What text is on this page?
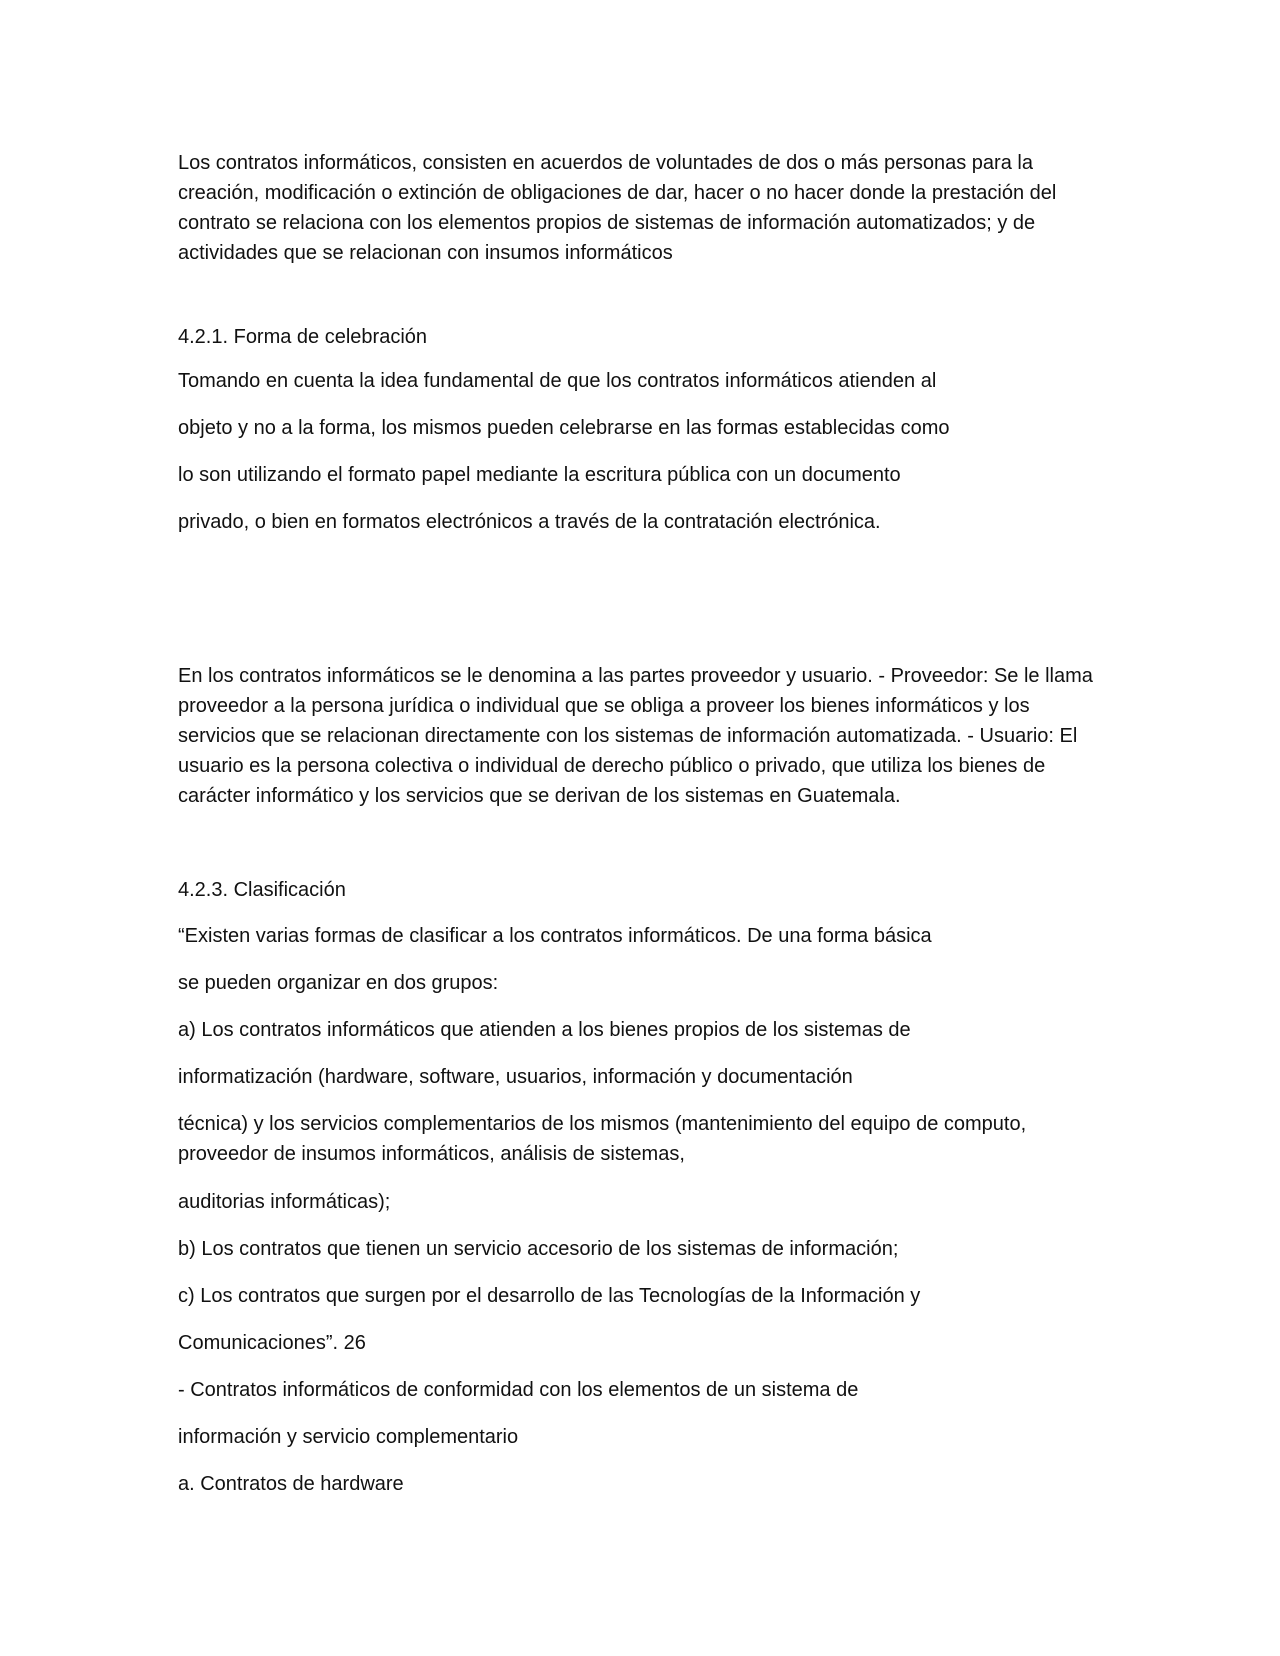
Los contratos informáticos, consisten en acuerdos de voluntades de dos o más personas para la creación, modificación o extinción de obligaciones de dar, hacer o no hacer donde la prestación del contrato se relaciona con los elementos propios de sistemas de información automatizados; y de actividades que se relacionan con insumos informáticos

4.2.1. Forma de celebración

Tomando en cuenta la idea fundamental de que los contratos informáticos atienden al

objeto y no a la forma, los mismos pueden celebrarse en las formas establecidas como

lo son utilizando el formato papel mediante la escritura pública con un documento

privado, o bien en formatos electrónicos a través de la contratación electrónica.

En los contratos informáticos se le denomina a las partes proveedor y usuario. - Proveedor: Se le llama proveedor a la persona jurídica o individual que se obliga a proveer los bienes informáticos y los servicios que se relacionan directamente con los sistemas de información automatizada. - Usuario: El usuario es la persona colectiva o individual de derecho público o privado, que utiliza los bienes de carácter informático y los servicios que se derivan de los sistemas en Guatemala.

4.2.3. Clasificación

“Existen varias formas de clasificar a los contratos informáticos. De una forma básica

se pueden organizar en dos grupos:

a) Los contratos informáticos que atienden a los bienes propios de los sistemas de

informatización (hardware, software, usuarios, información y documentación

técnica) y los servicios complementarios de los mismos (mantenimiento del equipo de computo, proveedor de insumos informáticos, análisis de sistemas,

auditorias informáticas);

b) Los contratos que tienen un servicio accesorio de los sistemas de información;

c) Los contratos que surgen por el desarrollo de las Tecnologías de la Información y

Comunicaciones”. 26

- Contratos informáticos de conformidad con los elementos de un sistema de

información y servicio complementario

a. Contratos de hardware
